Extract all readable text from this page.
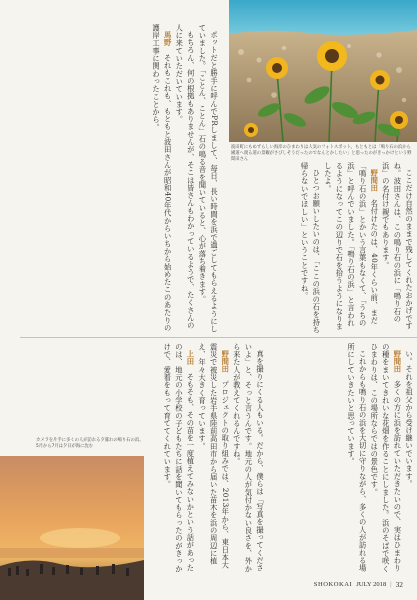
波田町にもめずらしい海岸のひまわりは人気のフォトスポット。もともとは「鳴り石の浜から國道へ渡る道の景観がさびしそうだったのでなんとかしたい」と思ったのがきっかけという野間田さん

ここだけ自然のままで残してくれたおかげですね。波田さんは、この鳴り石の浜に「鳴り石の浜」の名付け親でもあります。

野間田　名付けたのは、40年くらい前、まだ「鳴り石の浜」とかいう言葉もなくて、「うちの浜」と呼んでいました。「鳴り石の浜」と言われるようになってこの辺りで石を拾うようになりましたよ。

ひとつお願いしたいのは、「ここの浜の石を持ち帰らないでほしい」ということですね。

ポットだと勝手に呼んでPRしまして、毎日、長い時間を浜で過ごしてもらえるようにしていました。「ことん、ことん」石の鳴る音を聞いていると、心が落ち着きます。

もちろん、何の根拠もありませんが、そこは皆さんもわかっているようで、たくさんの人に来ていただいています。

馬野　それもこれも、もともと波田さんが昭和40年代からいちから始めたこのあたりの護岸工事に関わったことから。

真を撮りにくる人もいる。だから、僕らは「写真を撮ってくださいよ」と、そっと言うんです。地元の人が気付かない良さを、外から来た人が教えてくれるんですね。

野間田　プロジェクトの取り組みでは、2013年から、東日本大震災で被災した岩手県陸前高田市から届いた苗木を浜の周辺に植え、年々大きく育っています。

上田　そもそも、その苗を一度植えてみないかという話があったのは、地元の小学校の子どもたちに話を聞いてもらったのがきっかけで、愛着をもって育ててくれています。	い。それを祖父から受け継いでいます。

野間田　多くの方に浜を訪れていただきたいので、実はひまわりの種をまいてきれいな花畑を作ることにしました。浜のそばで咲くひまわりは、この場所ならではの景色です。

これからも鳴り石の浜を大切に守りながら、多くの人が訪れる場所にしていきたいと思っています。

カメラを片手に多くの人が訪れる夕暮れの鳴り石の浜。5月から7月は夕日が海に沈む
SHOKOKAI JULY 2018 | 32
